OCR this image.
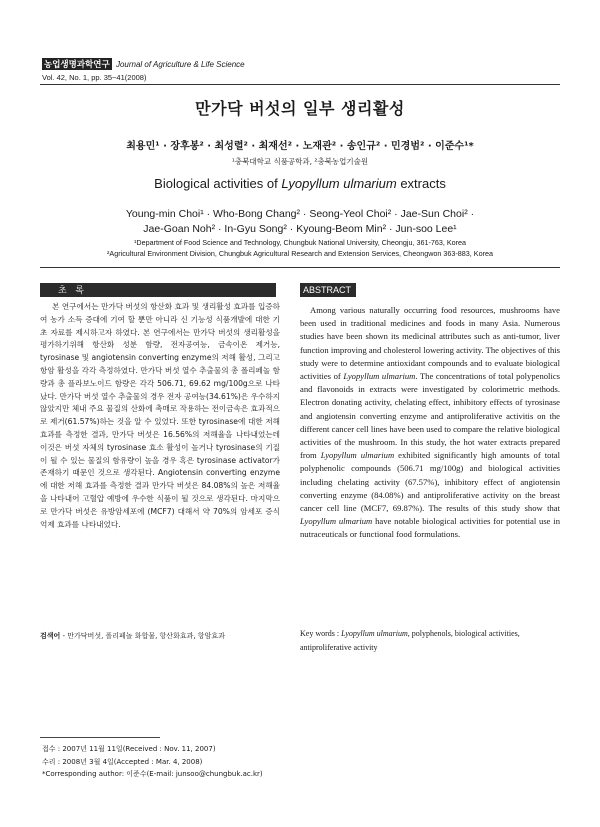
농업생명과학연구 Journal of Agriculture & Life Science
Vol. 42, No. 1, pp. 35~41(2008)
만가닥 버섯의 일부 생리활성
최용민¹ · 장후봉² · 최성렬² · 최재선² · 노재관² · 송인규² · 민경범² · 이준수¹*
¹충북대학교 식품공학과, ²충북농업기술원
Biological activities of Lyopyllum ulmarium extracts
Young-min Choi¹ · Who-Bong Chang² · Seong-Yeol Choi² · Jae-Sun Choi² ·
Jae-Goan Noh² · In-Gyu Song² · Kyoung-Beom Min² · Jun-soo Lee¹
¹Department of Food Science and Technology, Chungbuk National University, Cheongju, 361-763, Korea
²Agricultural Environment Division, Chungbuk Agricultural Research and Extension Services, Cheongwon 363-883, Korea
초 록	ABSTRACT

본 연구에서는 만가닥 버섯의 항산화 효과 및 생리활성 효과를 입증하여 농가 소득 증대에 기여 할 뿐만 아니라 신 기능성 식품개발에 대한 기초 자료를 제시하고자 하였다. 본 연구에서는 만가닥 버섯의 생리활성을 평가하기위해 항산화 성분 함량, 전자공여능, 금속이온 제거능, tyrosinase 및 angiotensin converting enzyme의 저해 활성, 그리고 항암 활성을 각각 측정하였다. 만가닥 버섯 열수 추출물의 총 폴리페놀 함량과 총 플라보노이드 함량은 각각 506.71, 69.62 mg/100g으로 나타났다. 만가닥 버섯 열수 추출물의 경우 전자 공여능(34.61%)은 우수하지 않았지만 체내 주요 물질의 산화에 촉매로 작용하는 전이금속은 효과적으로 제거(61.57%)하는 것을 알 수 있었다. 또한 tyrosinase에 대한 저해 효과를 측정한 결과, 만가닥 버섯은 16.56%의 저해율을 나타내었는데 이것은 버섯 자체의 tyrosinase 효소 활성이 높거나 tyrosinase의 기질이 될 수 있는 물질의 함유량이 높을 경우 혹은 tyrosinase activator가 존재하기 때문인 것으로 생각된다. Angiotensin converting enzyme에 대한 저해 효과를 측정한 결과 만가닥 버섯은 84.08%의 높은 저해율을 나타내어 고혈압 예방에 우수한 식품이 될 것으로 생각된다. 마지막으로 만가닥 버섯은 유방암세포에 (MCF7) 대해서 약 70%의 암세포 증식 억제 효과를 나타내었다.

검색어 - 만가닥버섯, 폴리페놀 화합물, 항산화효과, 항암효과

Among various naturally occurring food resources, mushrooms have been used in traditional medicines and foods in many Asia. Numerous studies have been shown its medicinal attributes such as anti-tumor, liver function improving and cholesterol lowering activity. The objectives of this study were to determine antioxidant compounds and to evaluate biological activities of Lyopyllum ulmarium. The concentrations of total polypenolics and flavonoids in extracts were investigated by colorimetric methods. Electron donating activity, chelating effect, inhibitory effects of tyrosinase and angiotensin converting enzyme and antiproliferative activitis on the different cancer cell lines have been used to compare the relative biological activities of the mushroom. In this study, the hot water extracts prepared from Lyopyllum ulmarium exhibited significantly high amounts of total polyphenolic compounds (506.71 mg/100g) and biological activities including chelating activity (67.57%), inhibitory effect of angiotensin converting enzyme (84.08%) and antiproliferative activity on the breast cancer cell line (MCF7, 69.87%). The results of this study show that Lyopyllum ulmarium have notable biological activities for potential use in nutraceuticals or functional food formulations.

Key words : Lyopyllum ulmarium, polyphenols, biological activities, antiproliferative activity
접수 : 2007년 11월 11일(Received : Nov. 11, 2007)
수리 : 2008년 3월 4일(Accepted : Mar. 4, 2008)
*Corresponding author: 이준수(E-mail: junsoo@chungbuk.ac.kr)
